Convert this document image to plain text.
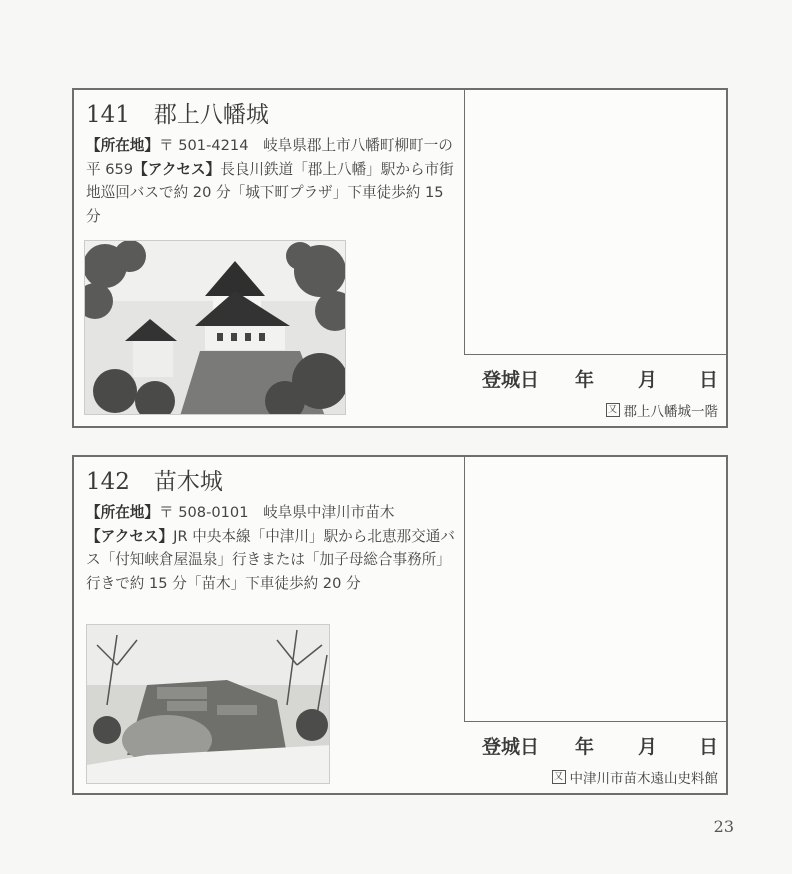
141 郡上八幡城
【所在地】〒 501-4214　岐阜県郡上市八幡町柳町一の平 659【アクセス】長良川鉄道「郡上八幡」駅から市街地巡回バスで約 20 分「城下町プラザ」下車徒歩約 15 分
登城日 年 月 日
又 郡上八幡城一階
142 苗木城
【所在地】〒 508-0101　岐阜県中津川市苗木
【アクセス】JR 中央本線「中津川」駅から北恵那交通バス「付知峡倉屋温泉」行きまたは「加子母総合事務所」行きで約 15 分「苗木」下車徒歩約 20 分
登城日 年 月 日
又 中津川市苗木遠山史料館
23
